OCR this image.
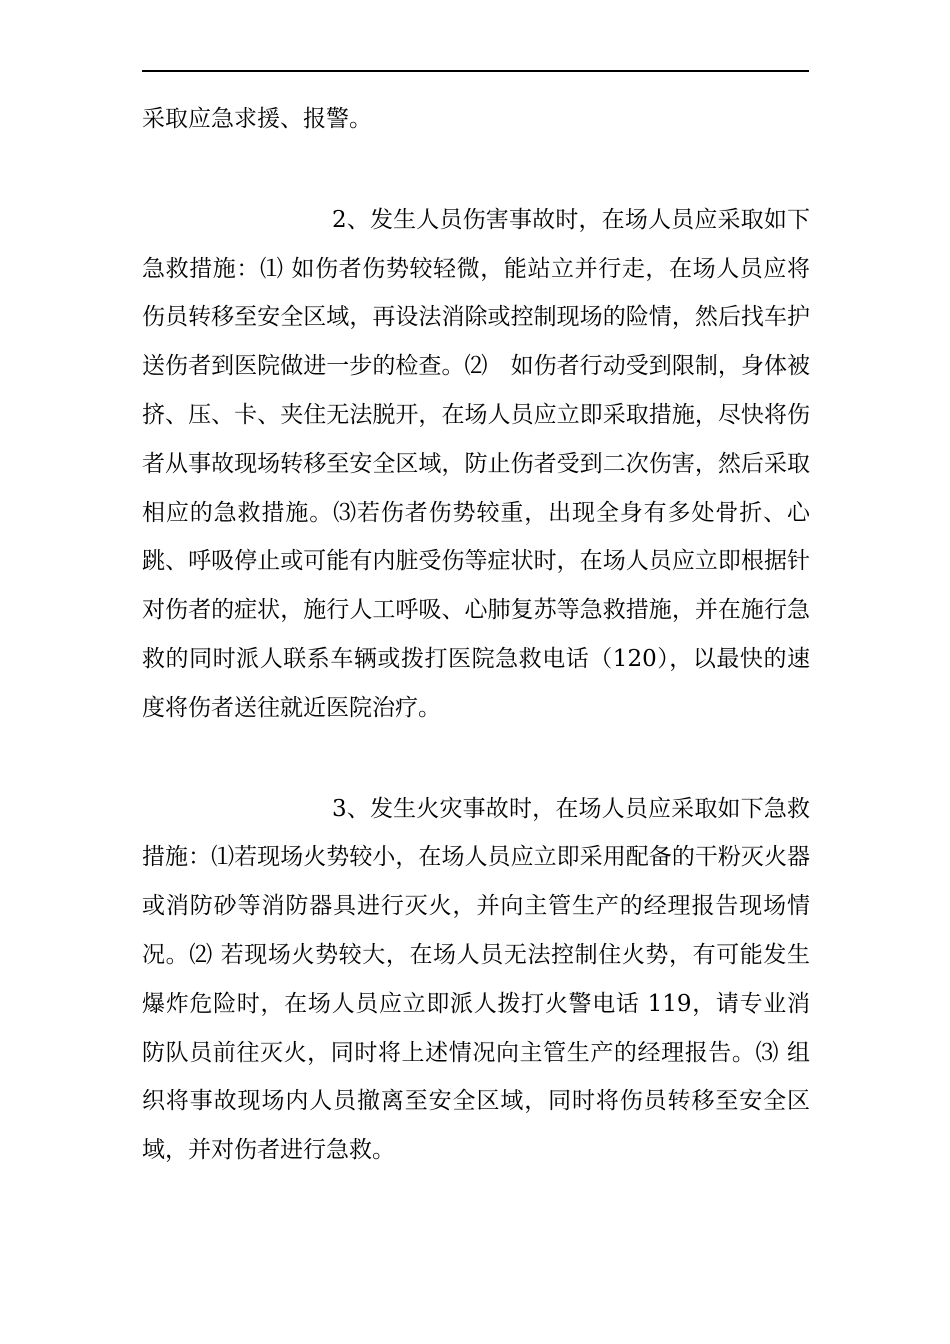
采取应急求援、报警。

2、发生人员伤害事故时，在场人员应采取如下急救措施：⑴ 如伤者伤势较轻微，能站立并行走，在场人员应将伤员转移至安全区域，再设法消除或控制现场的险情，然后找车护送伤者到医院做进一步的检查。⑵　如伤者行动受到限制，身体被挤、压、卡、夹住无法脱开，在场人员应立即采取措施，尽快将伤者从事故现场转移至安全区域，防止伤者受到二次伤害，然后采取相应的急救措施。⑶若伤者伤势较重，出现全身有多处骨折、心跳、呼吸停止或可能有内脏受伤等症状时，在场人员应立即根据针对伤者的症状，施行人工呼吸、心肺复苏等急救措施，并在施行急救的同时派人联系车辆或拨打医院急救电话（120），以最快的速度将伤者送往就近医院治疗。

3、发生火灾事故时，在场人员应采取如下急救措施：⑴若现场火势较小，在场人员应立即采用配备的干粉灭火器或消防砂等消防器具进行灭火，并向主管生产的经理报告现场情况。⑵ 若现场火势较大，在场人员无法控制住火势，有可能发生爆炸危险时，在场人员应立即派人拨打火警电话 119，请专业消防队员前往灭火，同时将上述情况向主管生产的经理报告。⑶ 组织将事故现场内人员撤离至安全区域，同时将伤员转移至安全区域，并对伤者进行急救。
